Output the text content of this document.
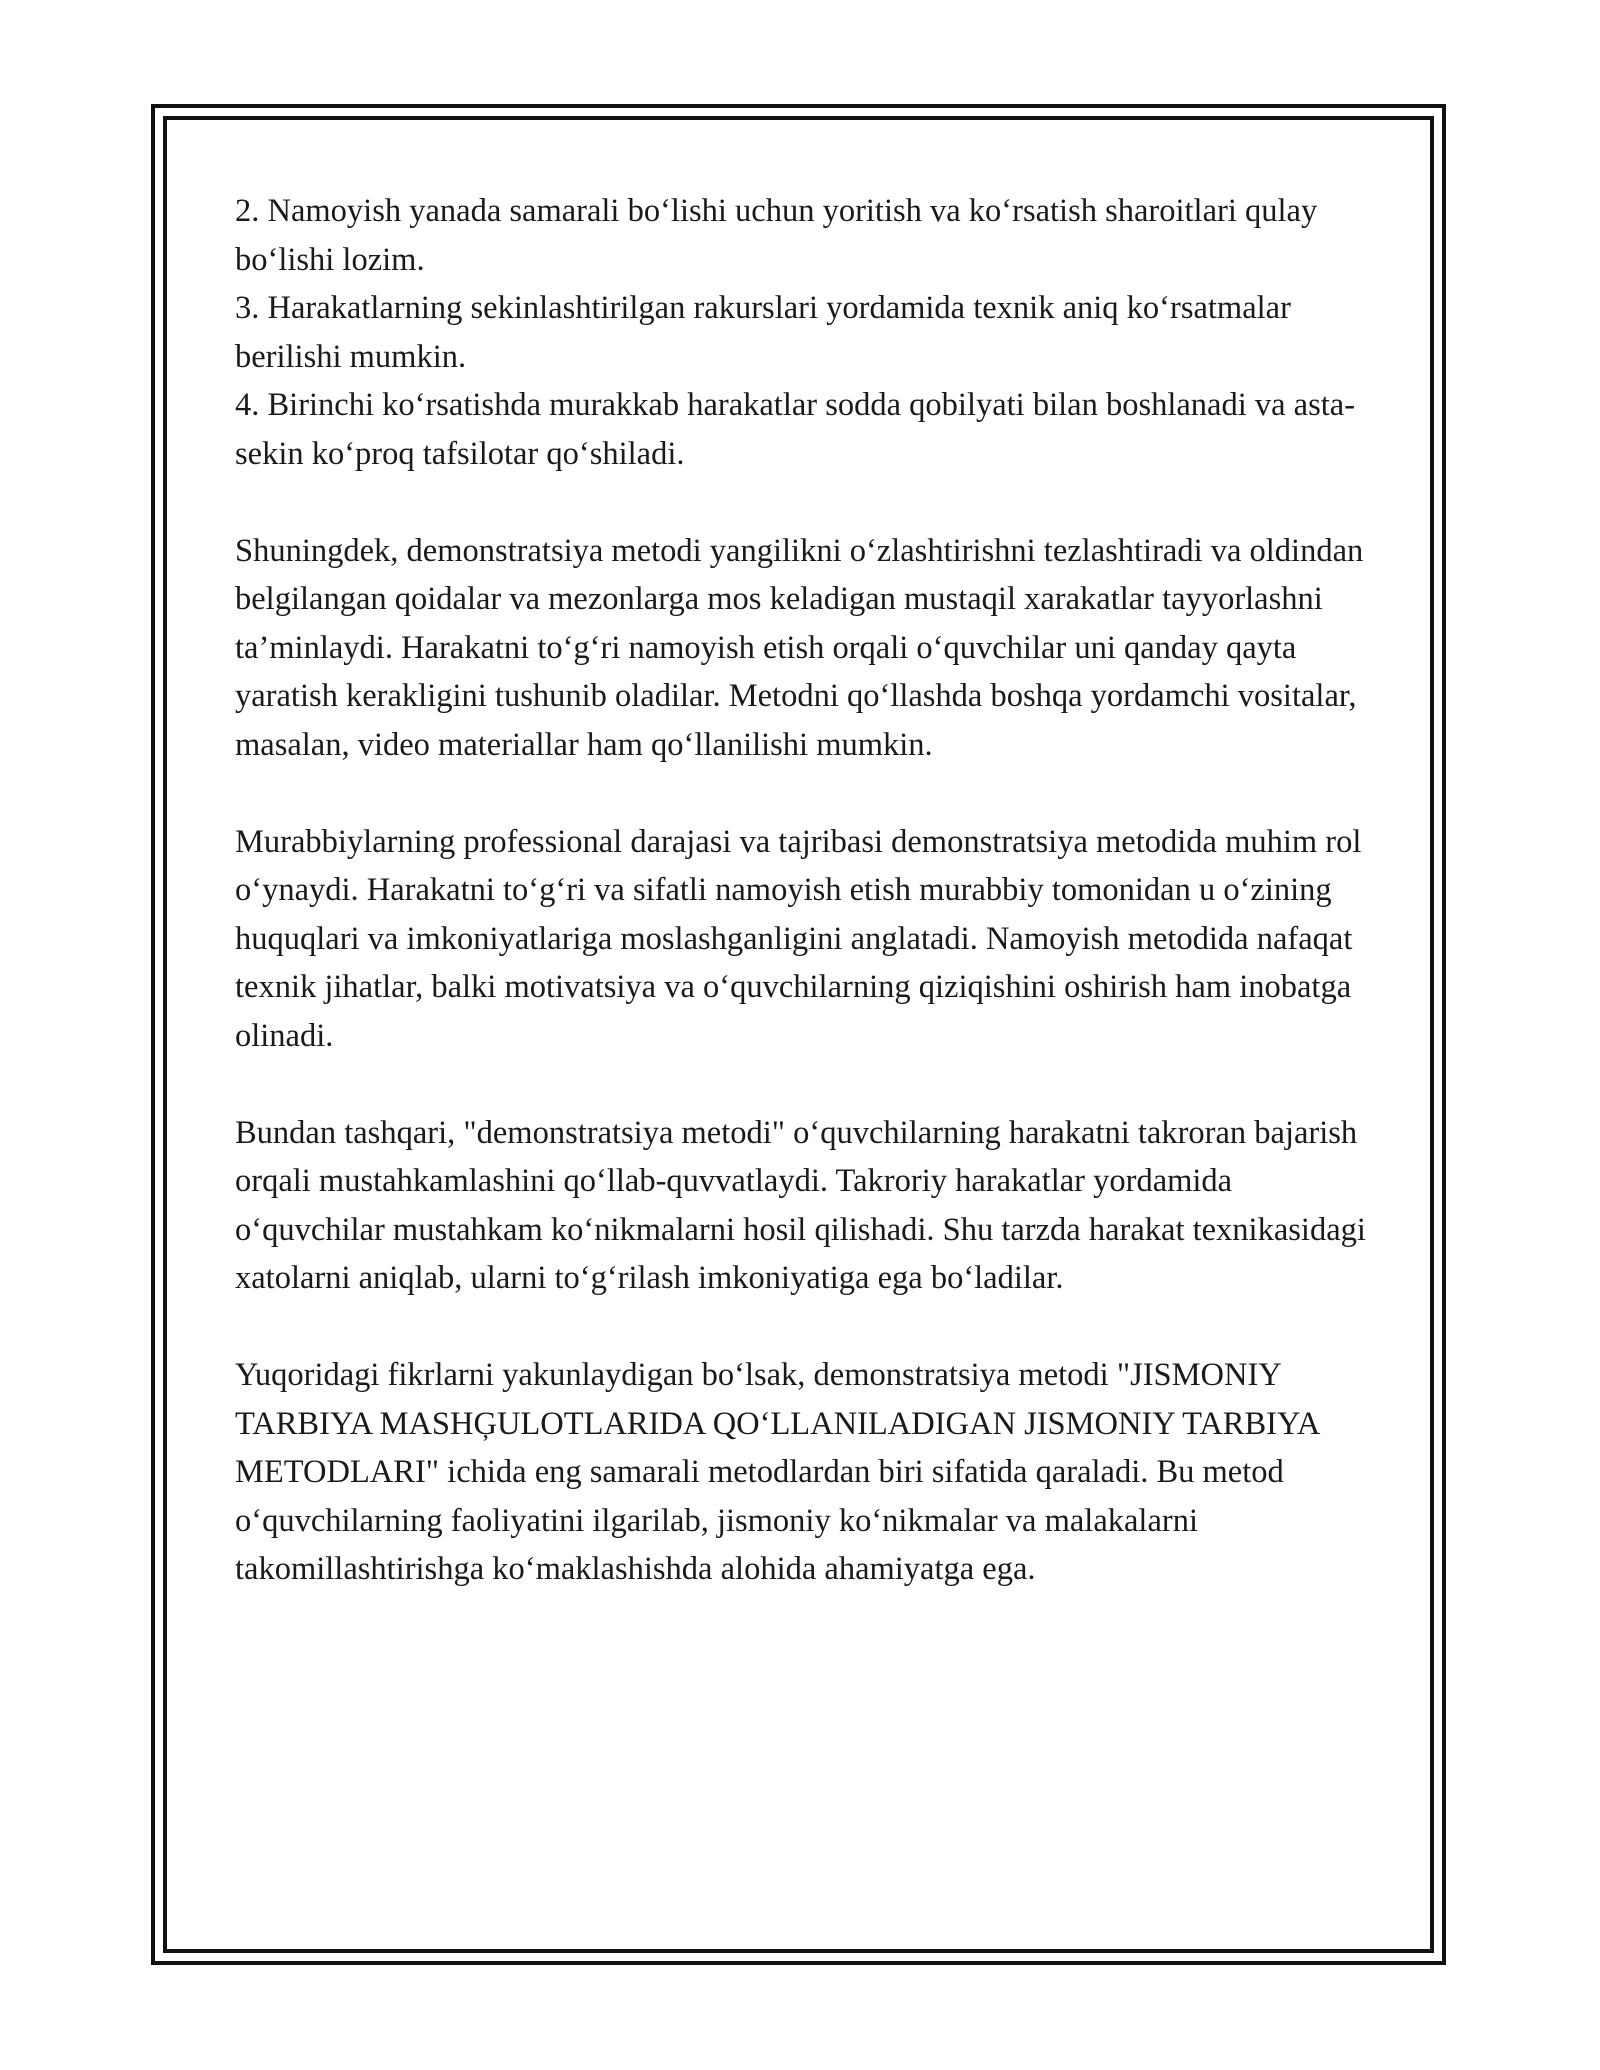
2. Namoyish yanada samarali bo‘lishi uchun yoritish va ko‘rsatish sharoitlari qulay bo‘lishi lozim.

3. Harakatlarning sekinlashtirilgan rakurslari yordamida texnik aniq ko‘rsatmalar berilishi mumkin.

4. Birinchi ko‘rsatishda murakkab harakatlar sodda qobilyati bilan boshlanadi va asta-sekin ko‘proq tafsilotar qo‘shiladi.

Shuningdek, demonstratsiya metodi yangilikni o‘zlashtirishni tezlashtiradi va oldindan belgilangan qoidalar va mezonlarga mos keladigan mustaqil xarakatlar tayyorlashni ta’minlaydi. Harakatni to‘g‘ri namoyish etish orqali o‘quvchilar uni qanday qayta yaratish kerakligini tushunib oladilar. Metodni qo‘llashda boshqa yordamchi vositalar, masalan, video materiallar ham qo‘llanilishi mumkin.

Murabbiylarning professional darajasi va tajribasi demonstratsiya metodida muhim rol o‘ynaydi. Harakatni to‘g‘ri va sifatli namoyish etish murabbiy tomonidan u o‘zining huquqlari va imkoniyatlariga moslashganligini anglatadi. Namoyish metodida nafaqat texnik jihatlar, balki motivatsiya va o‘quvchilarning qiziqishini oshirish ham inobatga olinadi.

Bundan tashqari, "demonstratsiya metodi" o‘quvchilarning harakatni takroran bajarish orqali mustahkamlashini qo‘llab-quvvatlaydi. Takroriy harakatlar yordamida o‘quvchilar mustahkam ko‘nikmalarni hosil qilishadi. Shu tarzda harakat texnikasidagi xatolarni aniqlab, ularni to‘g‘rilash imkoniyatiga ega bo‘ladilar.

Yuqoridagi fikrlarni yakunlaydigan bo‘lsak, demonstratsiya metodi "JISMONIY TARBIYA MASHĢULOTLARIDA QO‘LLANILADIGAN JISMONIY TARBIYA METODLARI" ichida eng samarali metodlardan biri sifatida qaraladi. Bu metod o‘quvchilarning faoliyatini ilgarilab, jismoniy ko‘nikmalar va malakalarni takomillashtirishga ko‘maklashishda alohida ahamiyatga ega.
